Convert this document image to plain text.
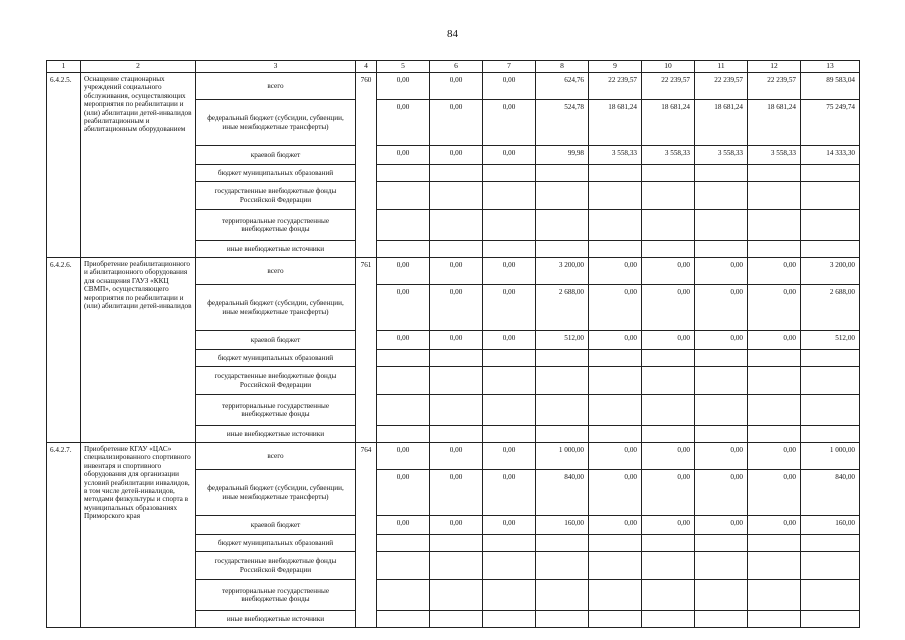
84
1	2	3	4	5	6	7	8	9	10	11	12	13
6.4.2.5.	Оснащение стационарных учреждений социального обслуживания, осуществляющих мероприятия по реабилитации и (или) абилитации детей-инвалидов реабилитационным и абилитационным оборудованием	всего	760	0,00	0,00	0,00	624,76	22 239,57	22 239,57	22 239,57	22 239,57	89 583,04
		федеральный бюджет (субсидии, субвенции, иные межбюджетные трансферты)		0,00	0,00	0,00	524,78	18 681,24	18 681,24	18 681,24	18 681,24	75 249,74
		краевой бюджет		0,00	0,00	0,00	99,98	3 558,33	3 558,33	3 558,33	3 558,33	14 333,30
		бюджет муниципальных образований										
		государственные внебюджетные фонды Российской Федерации										
		территориальные государственные внебюджетные фонды										
		иные внебюджетные источники										
6.4.2.6.	Приобретение реабилитационного и абилитационного оборудования для оснащения ГАУЗ «ККЦ СВМП», осуществляющего мероприятия по реабилитации и (или) абилитации детей-инвалидов	всего	761	0,00	0,00	0,00	3 200,00	0,00	0,00	0,00	0,00	3 200,00
		федеральный бюджет (субсидии, субвенции, иные межбюджетные трансферты)		0,00	0,00	0,00	2 688,00	0,00	0,00	0,00	0,00	2 688,00
		краевой бюджет		0,00	0,00	0,00	512,00	0,00	0,00	0,00	0,00	512,00
		бюджет муниципальных образований										
		государственные внебюджетные фонды Российской Федерации										
		территориальные государственные внебюджетные фонды										
		иные внебюджетные источники										
6.4.2.7.	Приобретение КГАУ «ЦАС» специализированного спортивного инвентаря и спортивного оборудования для организации условий реабилитации инвалидов, в том числе детей-инвалидов, методами физкультуры и спорта в муниципальных образованиях Приморского края	всего	764	0,00	0,00	0,00	1 000,00	0,00	0,00	0,00	0,00	1 000,00
		федеральный бюджет (субсидии, субвенции, иные межбюджетные трансферты)		0,00	0,00	0,00	840,00	0,00	0,00	0,00	0,00	840,00
		краевой бюджет		0,00	0,00	0,00	160,00	0,00	0,00	0,00	0,00	160,00
		бюджет муниципальных образований										
		государственные внебюджетные фонды Российской Федерации										
		территориальные государственные внебюджетные фонды										
		иные внебюджетные источники										
